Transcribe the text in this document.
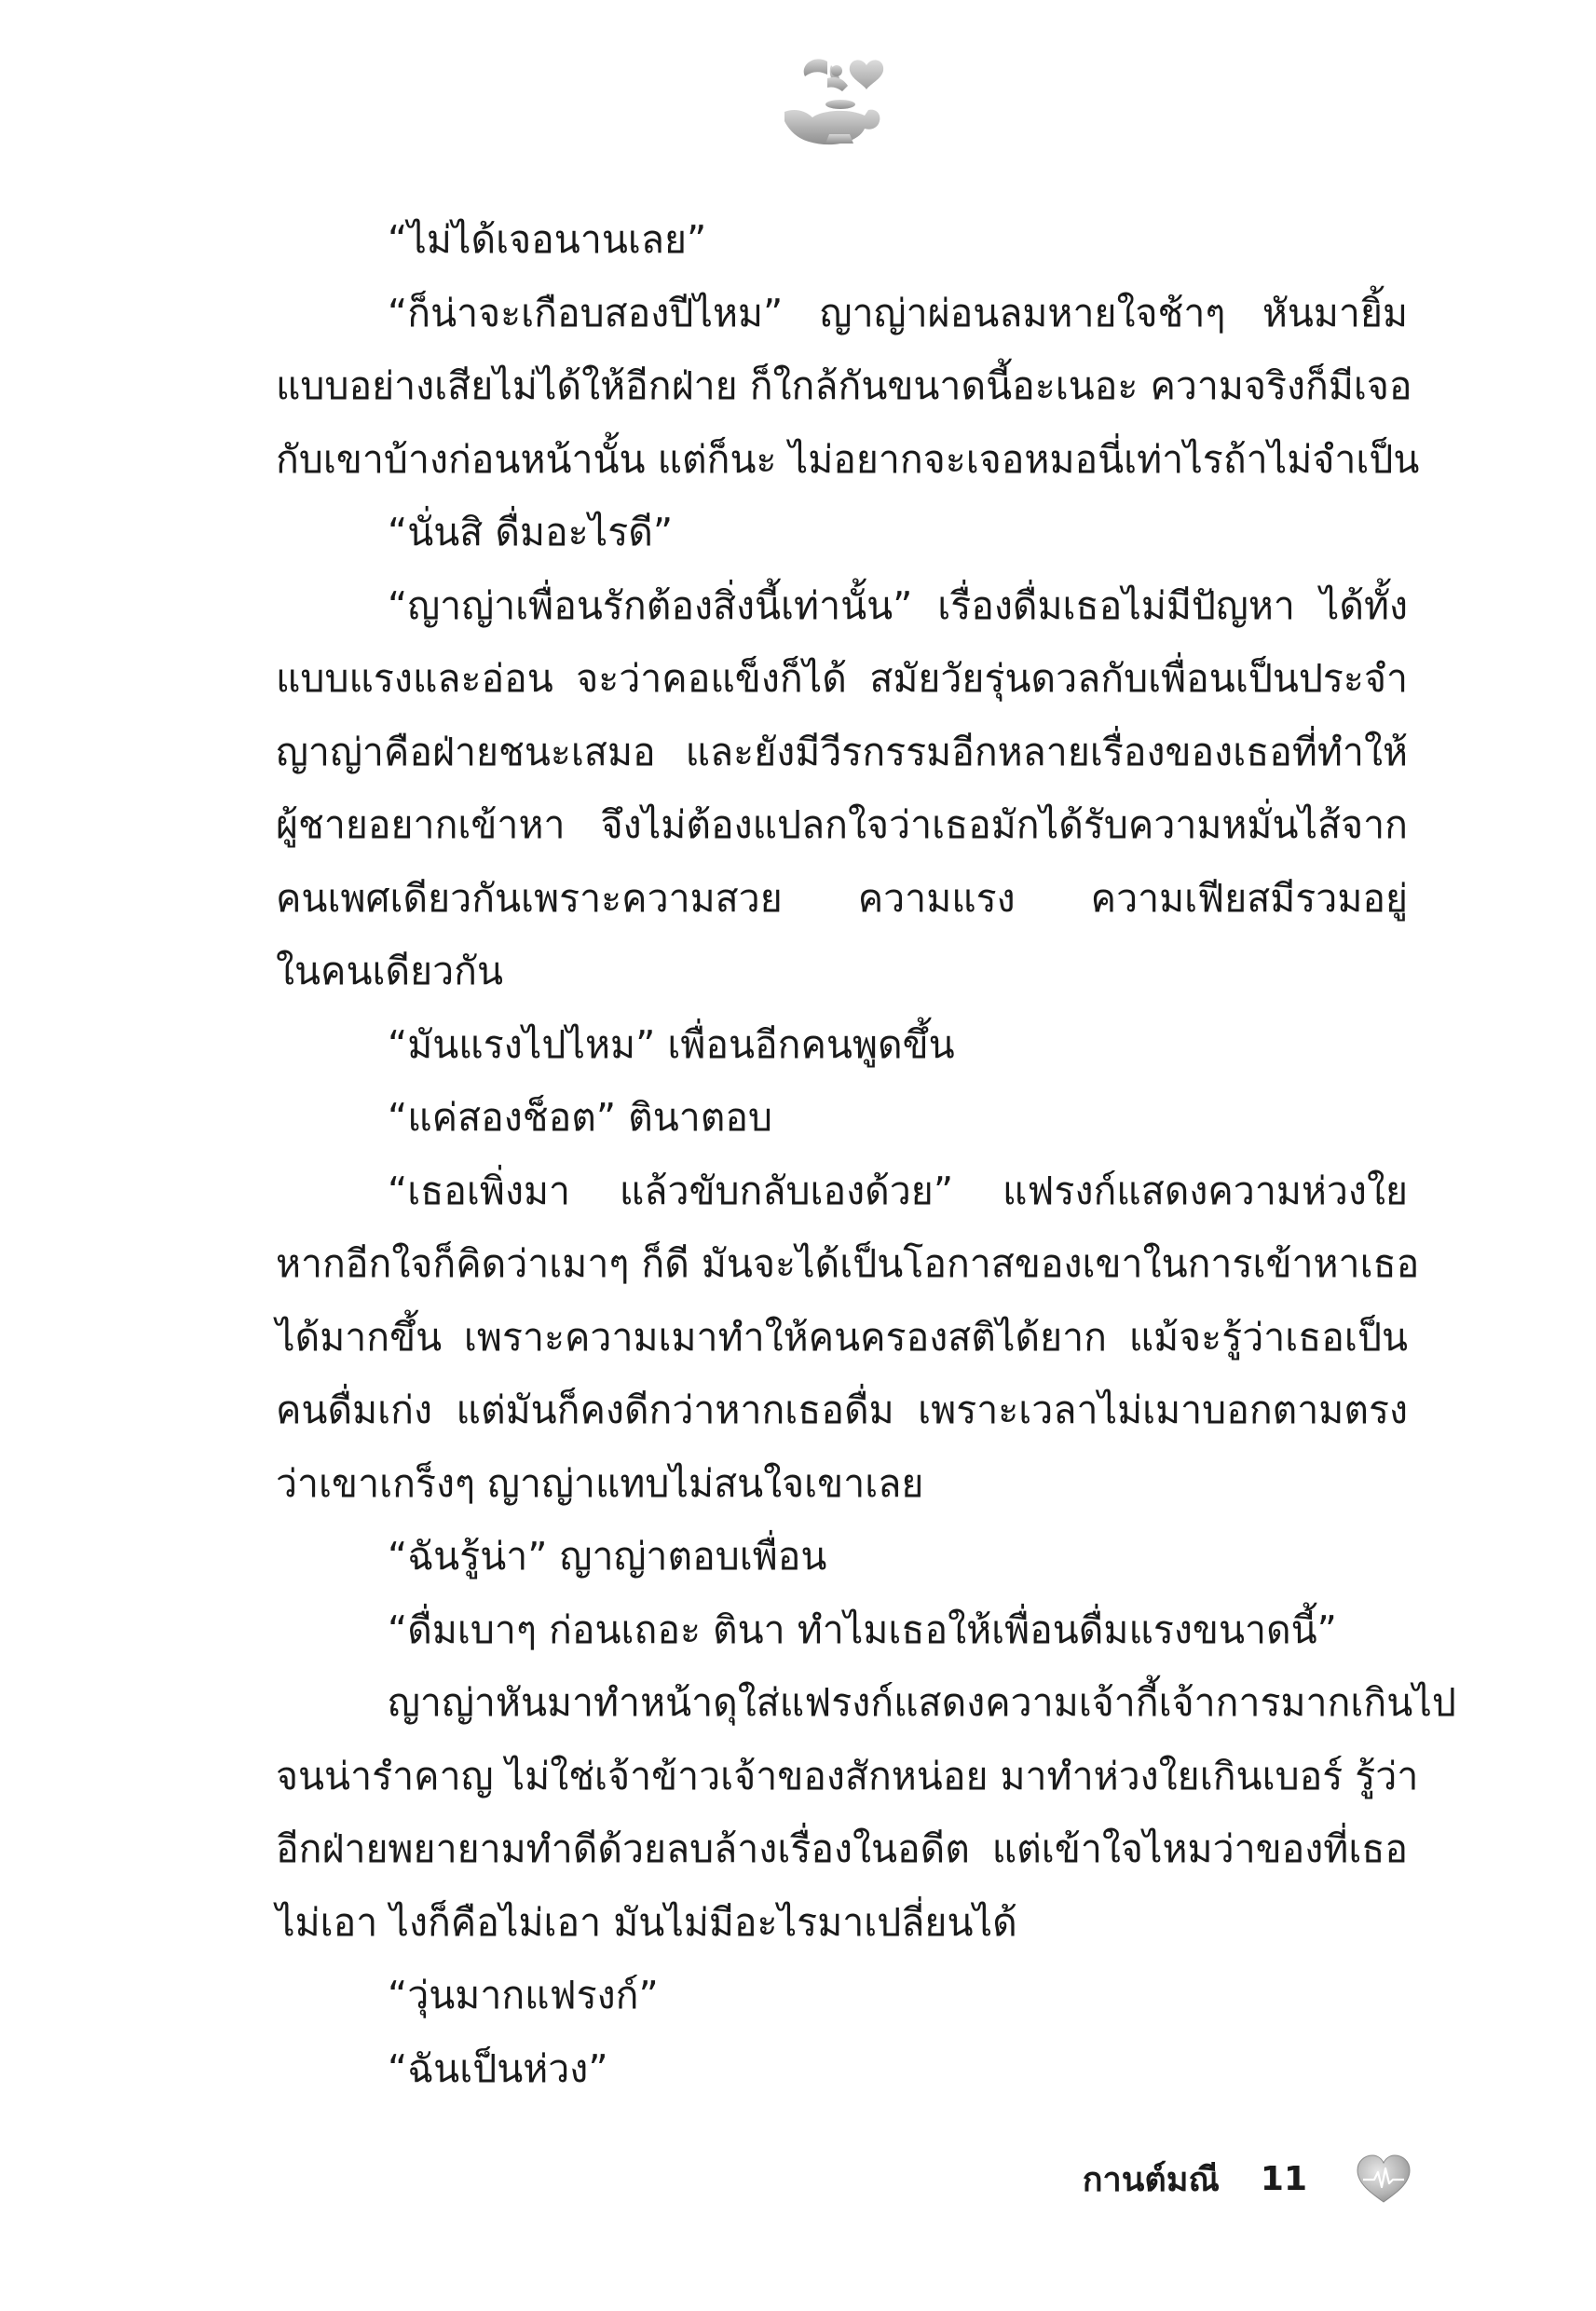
“ไม่ได้เจอนานเลย”
“ก็น่าจะเกือบสองปีไหม” ญาญ่าผ่อนลมหายใจช้าๆ หันมายิ้ม
แบบอย่างเสียไม่ได้ให้อีกฝ่าย ก็ใกล้กันขนาดนี้อะเนอะ ความจริงก็มีเจอ
กับเขาบ้างก่อนหน้านั้น แต่ก็นะ ไม่อยากจะเจอหมอนี่เท่าไรถ้าไม่จำเป็น
“นั่นสิ ดื่มอะไรดี”
“ญาญ่าเพื่อนรักต้องสิ่งนี้เท่านั้น” เรื่องดื่มเธอไม่มีปัญหา ได้ทั้ง
แบบแรงและอ่อน จะว่าคอแข็งก็ได้ สมัยวัยรุ่นดวลกับเพื่อนเป็นประจำ
ญาญ่าคือฝ่ายชนะเสมอ และยังมีวีรกรรมอีกหลายเรื่องของเธอที่ทำให้
ผู้ชายอยากเข้าหา จึงไม่ต้องแปลกใจว่าเธอมักได้รับความหมั่นไส้จาก
คนเพศเดียวกันเพราะความสวย ความแรง ความเฟียสมีรวมอยู่
ในคนเดียวกัน
“มันแรงไปไหม” เพื่อนอีกคนพูดขึ้น
“แค่สองช็อต” ตินาตอบ
“เธอเพิ่งมา แล้วขับกลับเองด้วย” แฟรงก์แสดงความห่วงใย
หากอีกใจก็คิดว่าเมาๆ ก็ดี มันจะได้เป็นโอกาสของเขาในการเข้าหาเธอ
ได้มากขึ้น เพราะความเมาทำให้คนครองสติได้ยาก แม้จะรู้ว่าเธอเป็น
คนดื่มเก่ง แต่มันก็คงดีกว่าหากเธอดื่ม เพราะเวลาไม่เมาบอกตามตรง
ว่าเขาเกร็งๆ ญาญ่าแทบไม่สนใจเขาเลย
“ฉันรู้น่า” ญาญ่าตอบเพื่อน
“ดื่มเบาๆ ก่อนเถอะ ตินา ทำไมเธอให้เพื่อนดื่มแรงขนาดนี้”
ญาญ่าหันมาทำหน้าดุใส่แฟรงก์แสดงความเจ้ากี้เจ้าการมากเกินไป
จนน่ารำคาญ ไม่ใช่เจ้าข้าวเจ้าของสักหน่อย มาทำห่วงใยเกินเบอร์ รู้ว่า
อีกฝ่ายพยายามทำดีด้วยลบล้างเรื่องในอดีต แต่เข้าใจไหมว่าของที่เธอ
ไม่เอา ไงก็คือไม่เอา มันไม่มีอะไรมาเปลี่ยนได้
“วุ่นมากแฟรงก์”
“ฉันเป็นห่วง”
กานต์มณี 11
